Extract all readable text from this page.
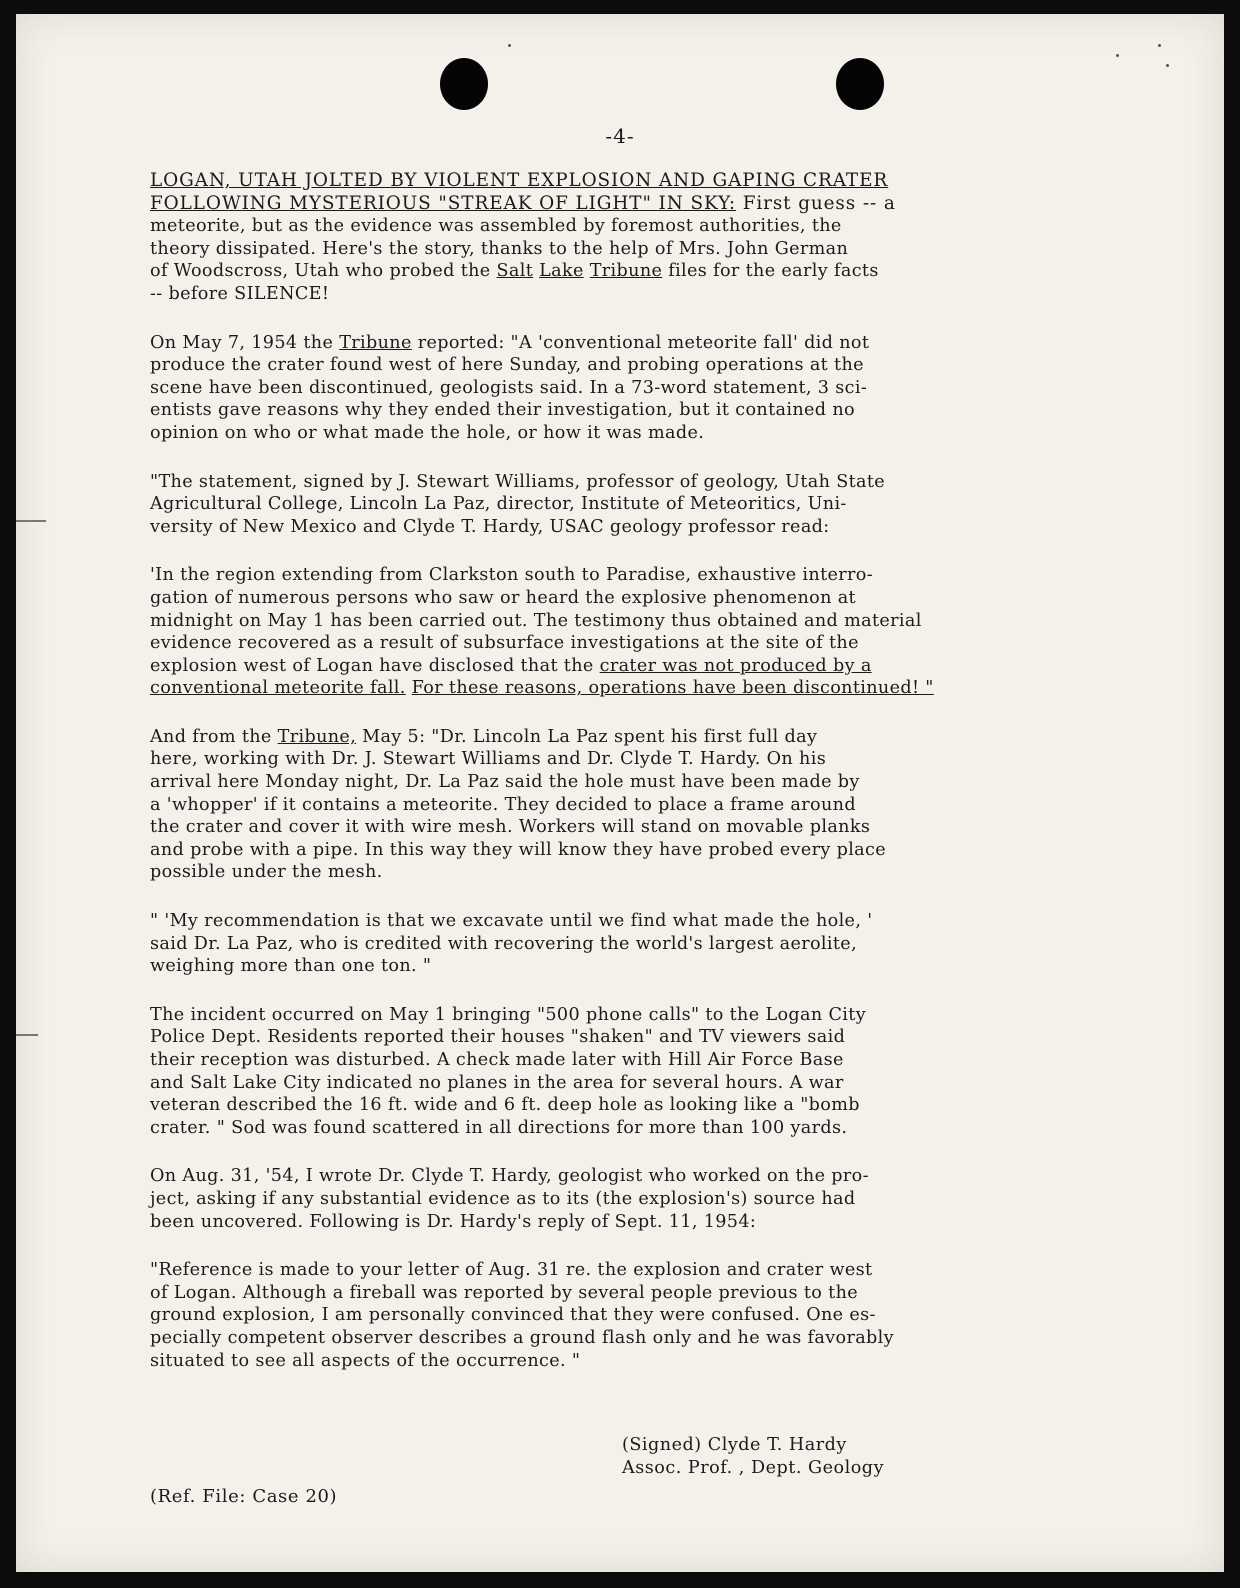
-4-
LOGAN, UTAH JOLTED BY VIOLENT EXPLOSION AND GAPING CRATER
FOLLOWING MYSTERIOUS "STREAK OF LIGHT" IN SKY: First guess -- a

meteorite, but as the evidence was assembled by foremost authorities, the
theory dissipated. Here's the story, thanks to the help of Mrs. John German
of Woodscross, Utah who probed the Salt Lake Tribune files for the early facts
-- before SILENCE!

On May 7, 1954 the Tribune reported: "A 'conventional meteorite fall' did not
produce the crater found west of here Sunday, and probing operations at the
scene have been discontinued, geologists said. In a 73-word statement, 3 sci-
entists gave reasons why they ended their investigation, but it contained no
opinion on who or what made the hole, or how it was made.

"The statement, signed by J. Stewart Williams, professor of geology, Utah State
Agricultural College, Lincoln La Paz, director, Institute of Meteoritics, Uni-
versity of New Mexico and Clyde T. Hardy, USAC geology professor read:

'In the region extending from Clarkston south to Paradise, exhaustive interro-
gation of numerous persons who saw or heard the explosive phenomenon at
midnight on May 1 has been carried out. The testimony thus obtained and material
evidence recovered as a result of subsurface investigations at the site of the
explosion west of Logan have disclosed that the crater was not produced by a
conventional meteorite fall. For these reasons, operations have been discontinued! "

And from the Tribune, May 5: "Dr. Lincoln La Paz spent his first full day
here, working with Dr. J. Stewart Williams and Dr. Clyde T. Hardy. On his
arrival here Monday night, Dr. La Paz said the hole must have been made by
a 'whopper' if it contains a meteorite. They decided to place a frame around
the crater and cover it with wire mesh. Workers will stand on movable planks
and probe with a pipe. In this way they will know they have probed every place
possible under the mesh.

" 'My recommendation is that we excavate until we find what made the hole, '
said Dr. La Paz, who is credited with recovering the world's largest aerolite,
weighing more than one ton. "

The incident occurred on May 1 bringing "500 phone calls" to the Logan City
Police Dept. Residents reported their houses "shaken" and TV viewers said
their reception was disturbed. A check made later with Hill Air Force Base
and Salt Lake City indicated no planes in the area for several hours. A war
veteran described the 16 ft. wide and 6 ft. deep hole as looking like a "bomb
crater. " Sod was found scattered in all directions for more than 100 yards.

On Aug. 31, '54, I wrote Dr. Clyde T. Hardy, geologist who worked on the pro-
ject, asking if any substantial evidence as to its (the explosion's) source had
been uncovered. Following is Dr. Hardy's reply of Sept. 11, 1954:

"Reference is made to your letter of Aug. 31 re. the explosion and crater west
of Logan. Although a fireball was reported by several people previous to the
ground explosion, I am personally convinced that they were confused. One es-
pecially competent observer describes a ground flash only and he was favorably
situated to see all aspects of the occurrence. "

(Signed) Clyde T. Hardy
Assoc. Prof. , Dept. Geology
(Ref. File: Case 20)
